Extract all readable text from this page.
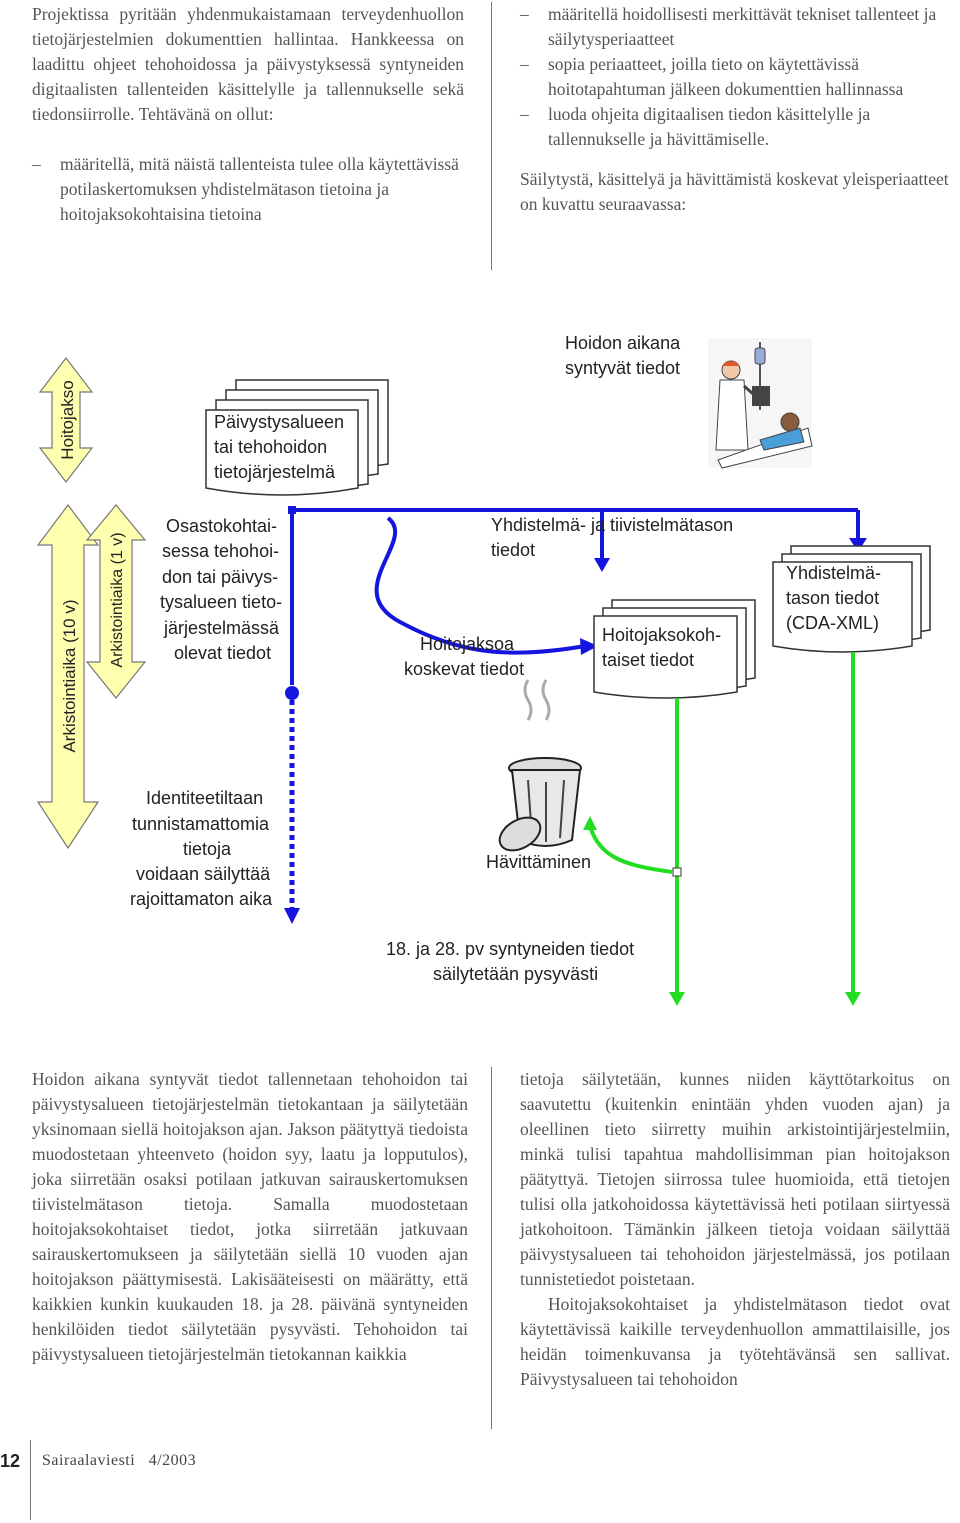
Projektissa pyritään yhdenmukaistamaan terveydenhuollon tietojärjestelmien dokumenttien hallintaa. Hankkeessa on laadittu ohjeet tehohoidossa ja päivystyksessä syntyneiden digitaalisten tallenteiden käsittelylle ja tallennukselle sekä tiedonsiirrolle. Tehtävänä on ollut:

– määritellä, mitä näistä tallenteista tulee olla käytettävissä potilaskertomuksen yhdistelmätason tietoina ja hoitojaksokohtaisina tietoina
– määritellä hoidollisesti merkittävät tekniset tallenteet ja säilytysperiaatteet
– sopia periaatteet, joilla tieto on käytettävissä hoitotapahtuman jälkeen dokumenttien hallinnassa
– luoda ohjeita digitaalisen tiedon käsittelylle ja tallennukselle ja hävittämiselle.

Säilytystä, käsittelyä ja hävittämistä koskevat yleisperiaatteet on kuvattu seuraavassa:

Hoitojakso
Arkistointiaika (10 v) Arkistointiaika (1 v)
Päivystysalueen
tai tehohoidon
tietojärjestelmä
Hoidon aikana
syntyvät tiedot
Osastokohtai-
sessa tehohoi-
don tai päivys-
tysalueen tieto-
järjestelmässä
olevat tiedot
Yhdistelmä- ja tiivistelmätason
tiedot
Yhdistelmä-
tason tiedot
(CDA-XML)
Hoitojaksoa
koskevat tiedot
Hoitojaksokoh-
taiset tiedot
Hävittäminen
Identiteetiltaan
tunnistamattomia
tietoja
voidaan säilyttää
rajoittamaton aika
18. ja 28. pv syntyneiden tiedot
säilytetään pysyvästi

Hoidon aikana syntyvät tiedot tallennetaan tehohoidon tai päivystysalueen tietojärjestelmän tietokantaan ja säilytetään yksinomaan siellä hoitojakson ajan. Jakson päätyttyä tiedoista muodostetaan yhteenveto (hoidon syy, laatu ja lopputulos), joka siirretään osaksi potilaan jatkuvan sairauskertomuksen tiivistelmätason tietoja. Samalla muodostetaan hoitojaksokohtaiset tiedot, jotka siirretään jatkuvaan sairauskertomukseen ja säilytetään siellä 10 vuoden ajan hoitojakson päättymisestä. Lakisääteisesti on määrätty, että kaikkien kunkin kuukauden 18. ja 28. päivänä syntyneiden henkilöiden tiedot säilytetään pysyvästi. Tehohoidon tai päivystysalueen tietojärjestelmän tietokannan kaikkia

tietoja säilytetään, kunnes niiden käyttötarkoitus on saavutettu (kuitenkin enintään yhden vuoden ajan) ja oleellinen tieto siirretty muihin arkistointijärjestelmiin, minkä tulisi tapahtua mahdollisimman pian hoitojakson päätyttyä. Tietojen siirrossa tulee huomioida, että tietojen tulisi olla jatkohoidossa käytettävissä heti potilaan siirtyessä jatkohoitoon. Tämänkin jälkeen tietoja voidaan säilyttää päivystysalueen tai tehohoidon järjestelmässä, jos potilaan tunnistetiedot poistetaan.

Hoitojaksokohtaiset ja yhdistelmätason tiedot ovat käytettävissä kaikille terveydenhuollon ammattilaisille, jos heidän toimenkuvansa ja työtehtävänsä sen sallivat. Päivystysalueen tai tehohoidon

12 Sairaalaviesti   4/2003
